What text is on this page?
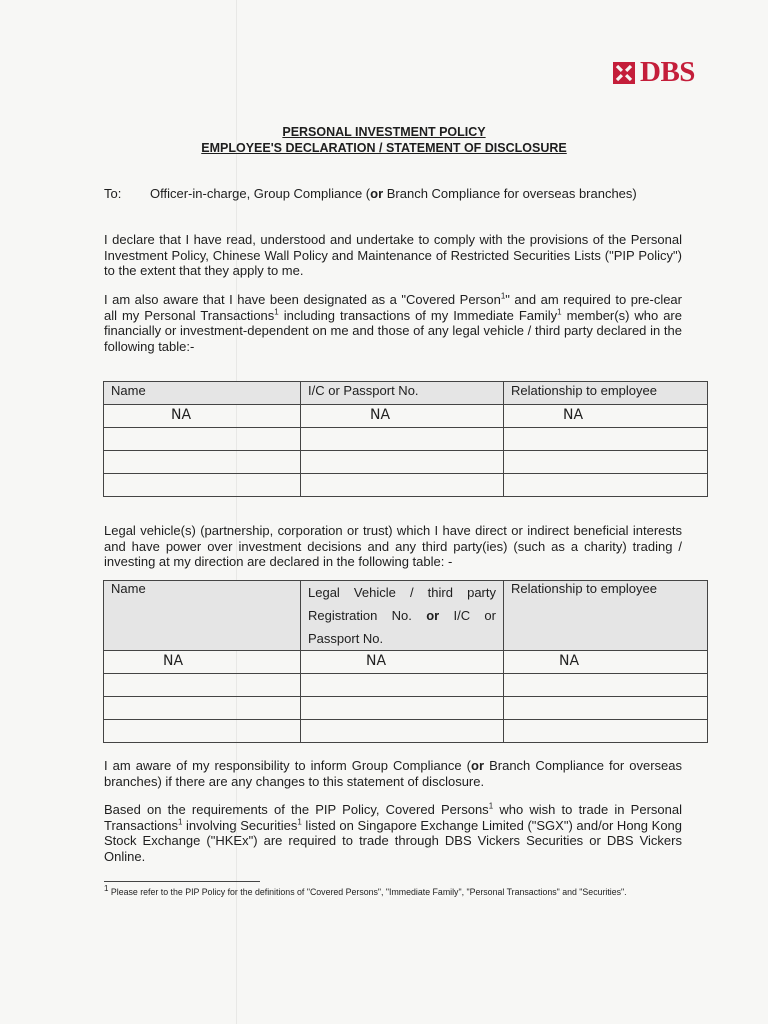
DBS
PERSONAL INVESTMENT POLICY
EMPLOYEE'S DECLARATION / STATEMENT OF DISCLOSURE
To: Officer-in-charge, Group Compliance (or Branch Compliance for overseas branches)
I declare that I have read, understood and undertake to comply with the provisions of the Personal Investment Policy, Chinese Wall Policy and Maintenance of Restricted Securities Lists ("PIP Policy") to the extent that they apply to me.
I am also aware that I have been designated as a "Covered Person$^1$" and am required to pre-clear all my Personal Transactions$^1$ including transactions of my Immediate Family$^1$ member(s) who are financially or investment-dependent on me and those of any legal vehicle / third party declared in the following table:-
Name	I/C or Passport No.	Relationship to employee
NA	NA	NA

Legal vehicle(s) (partnership, corporation or trust) which I have direct or indirect beneficial interests and have power over investment decisions and any third party(ies) (such as a charity) trading / investing at my direction are declared in the following table: -
Name	Legal Vehicle / third party Registration No. or I/C or Passport No.	Relationship to employee
NA	NA	NA

I am aware of my responsibility to inform Group Compliance (or Branch Compliance for overseas branches) if there are any changes to this statement of disclosure.
Based on the requirements of the PIP Policy, Covered Persons$^1$ who wish to trade in Personal Transactions$^1$ involving Securities$^1$ listed on Singapore Exchange Limited ("SGX") and/or Hong Kong Stock Exchange ("HKEx") are required to trade through DBS Vickers Securities or DBS Vickers Online.
$^1$ Please refer to the PIP Policy for the definitions of "Covered Persons", "Immediate Family", "Personal Transactions" and "Securities".
